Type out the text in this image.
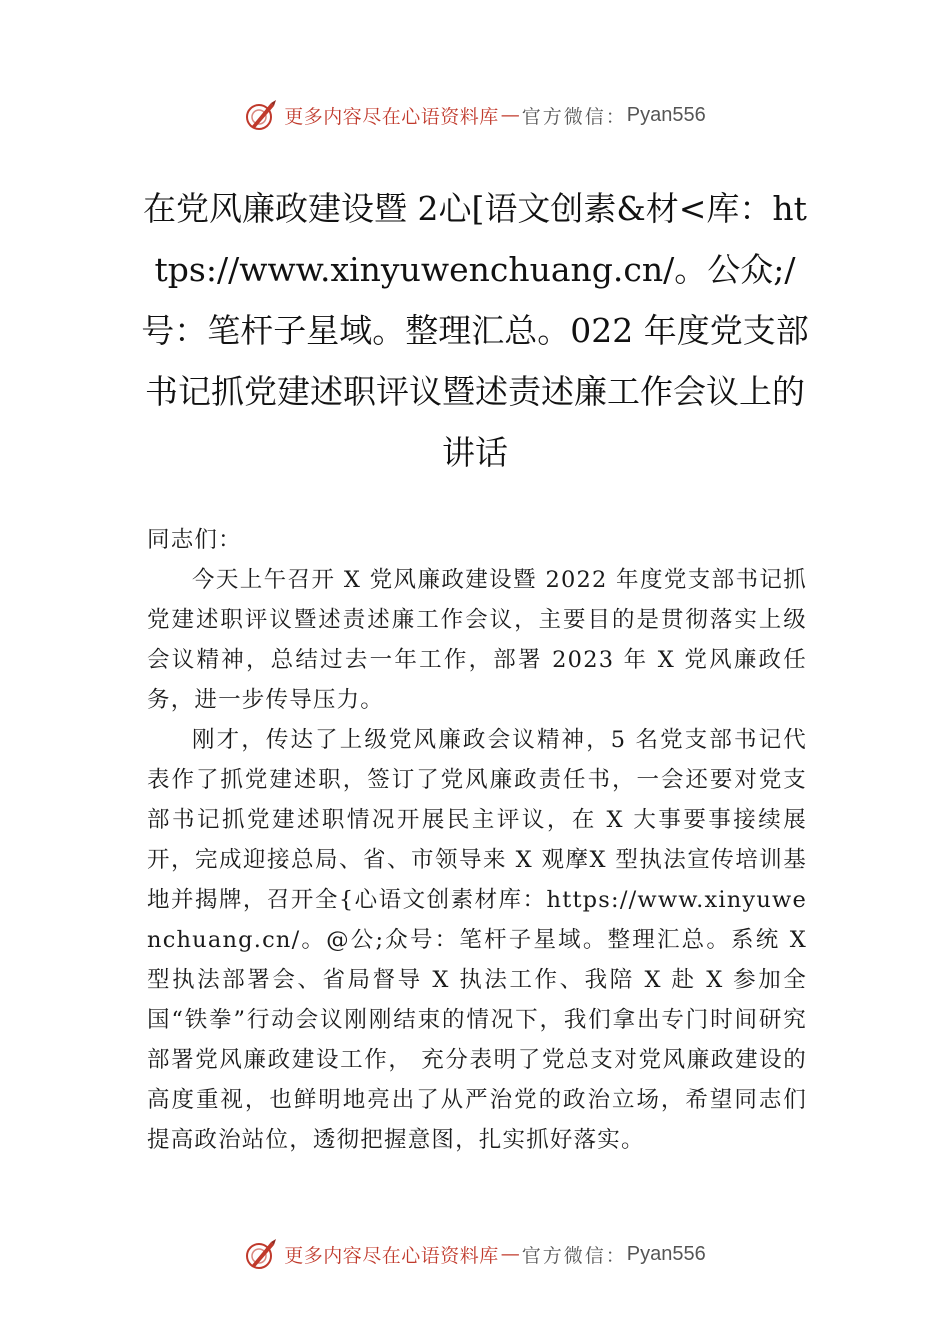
更多内容尽在心语资料库 — 官方微信： Pyan556
在党风廉政建设暨 2心[语文创素&材<库：https://www.xinyuwenchuang.cn/。公众;/号：笔杆子星域。整理汇总。022 年度党支部书记抓党建述职评议暨述责述廉工作会议上的讲话

同志们：

今天上午召开 X 党风廉政建设暨 2022 年度党支部书记抓党建述职评议暨述责述廉工作会议，主要目的是贯彻落实上级会议精神，总结过去一年工作，部署 2023 年 X 党风廉政任务，进一步传导压力。

刚才，传达了上级党风廉政会议精神，5 名党支部书记代表作了抓党建述职，签订了党风廉政责任书，一会还要对党支部书记抓党建述职情况开展民主评议，在 X 大事要事接续展开，完成迎接总局、省、市领导来 X 观摩X 型执法宣传培训基地并揭牌，召开全{心语文创素材库：https://www.xinyuwenchuang.cn/。@公;众号：笔杆子星域。整理汇总。系统 X 型执法部署会、省局督导 X 执法工作、我陪 X 赴 X 参加全国“铁拳”行动会议刚刚结束的情况下，我们拿出专门时间研究部署党风廉政建设工作， 充分表明了党总支对党风廉政建设的高度重视，也鲜明地亮出了从严治党的政治立场，希望同志们提高政治站位，透彻把握意图，扎实抓好落实。

更多内容尽在心语资料库 — 官方微信： Pyan556
